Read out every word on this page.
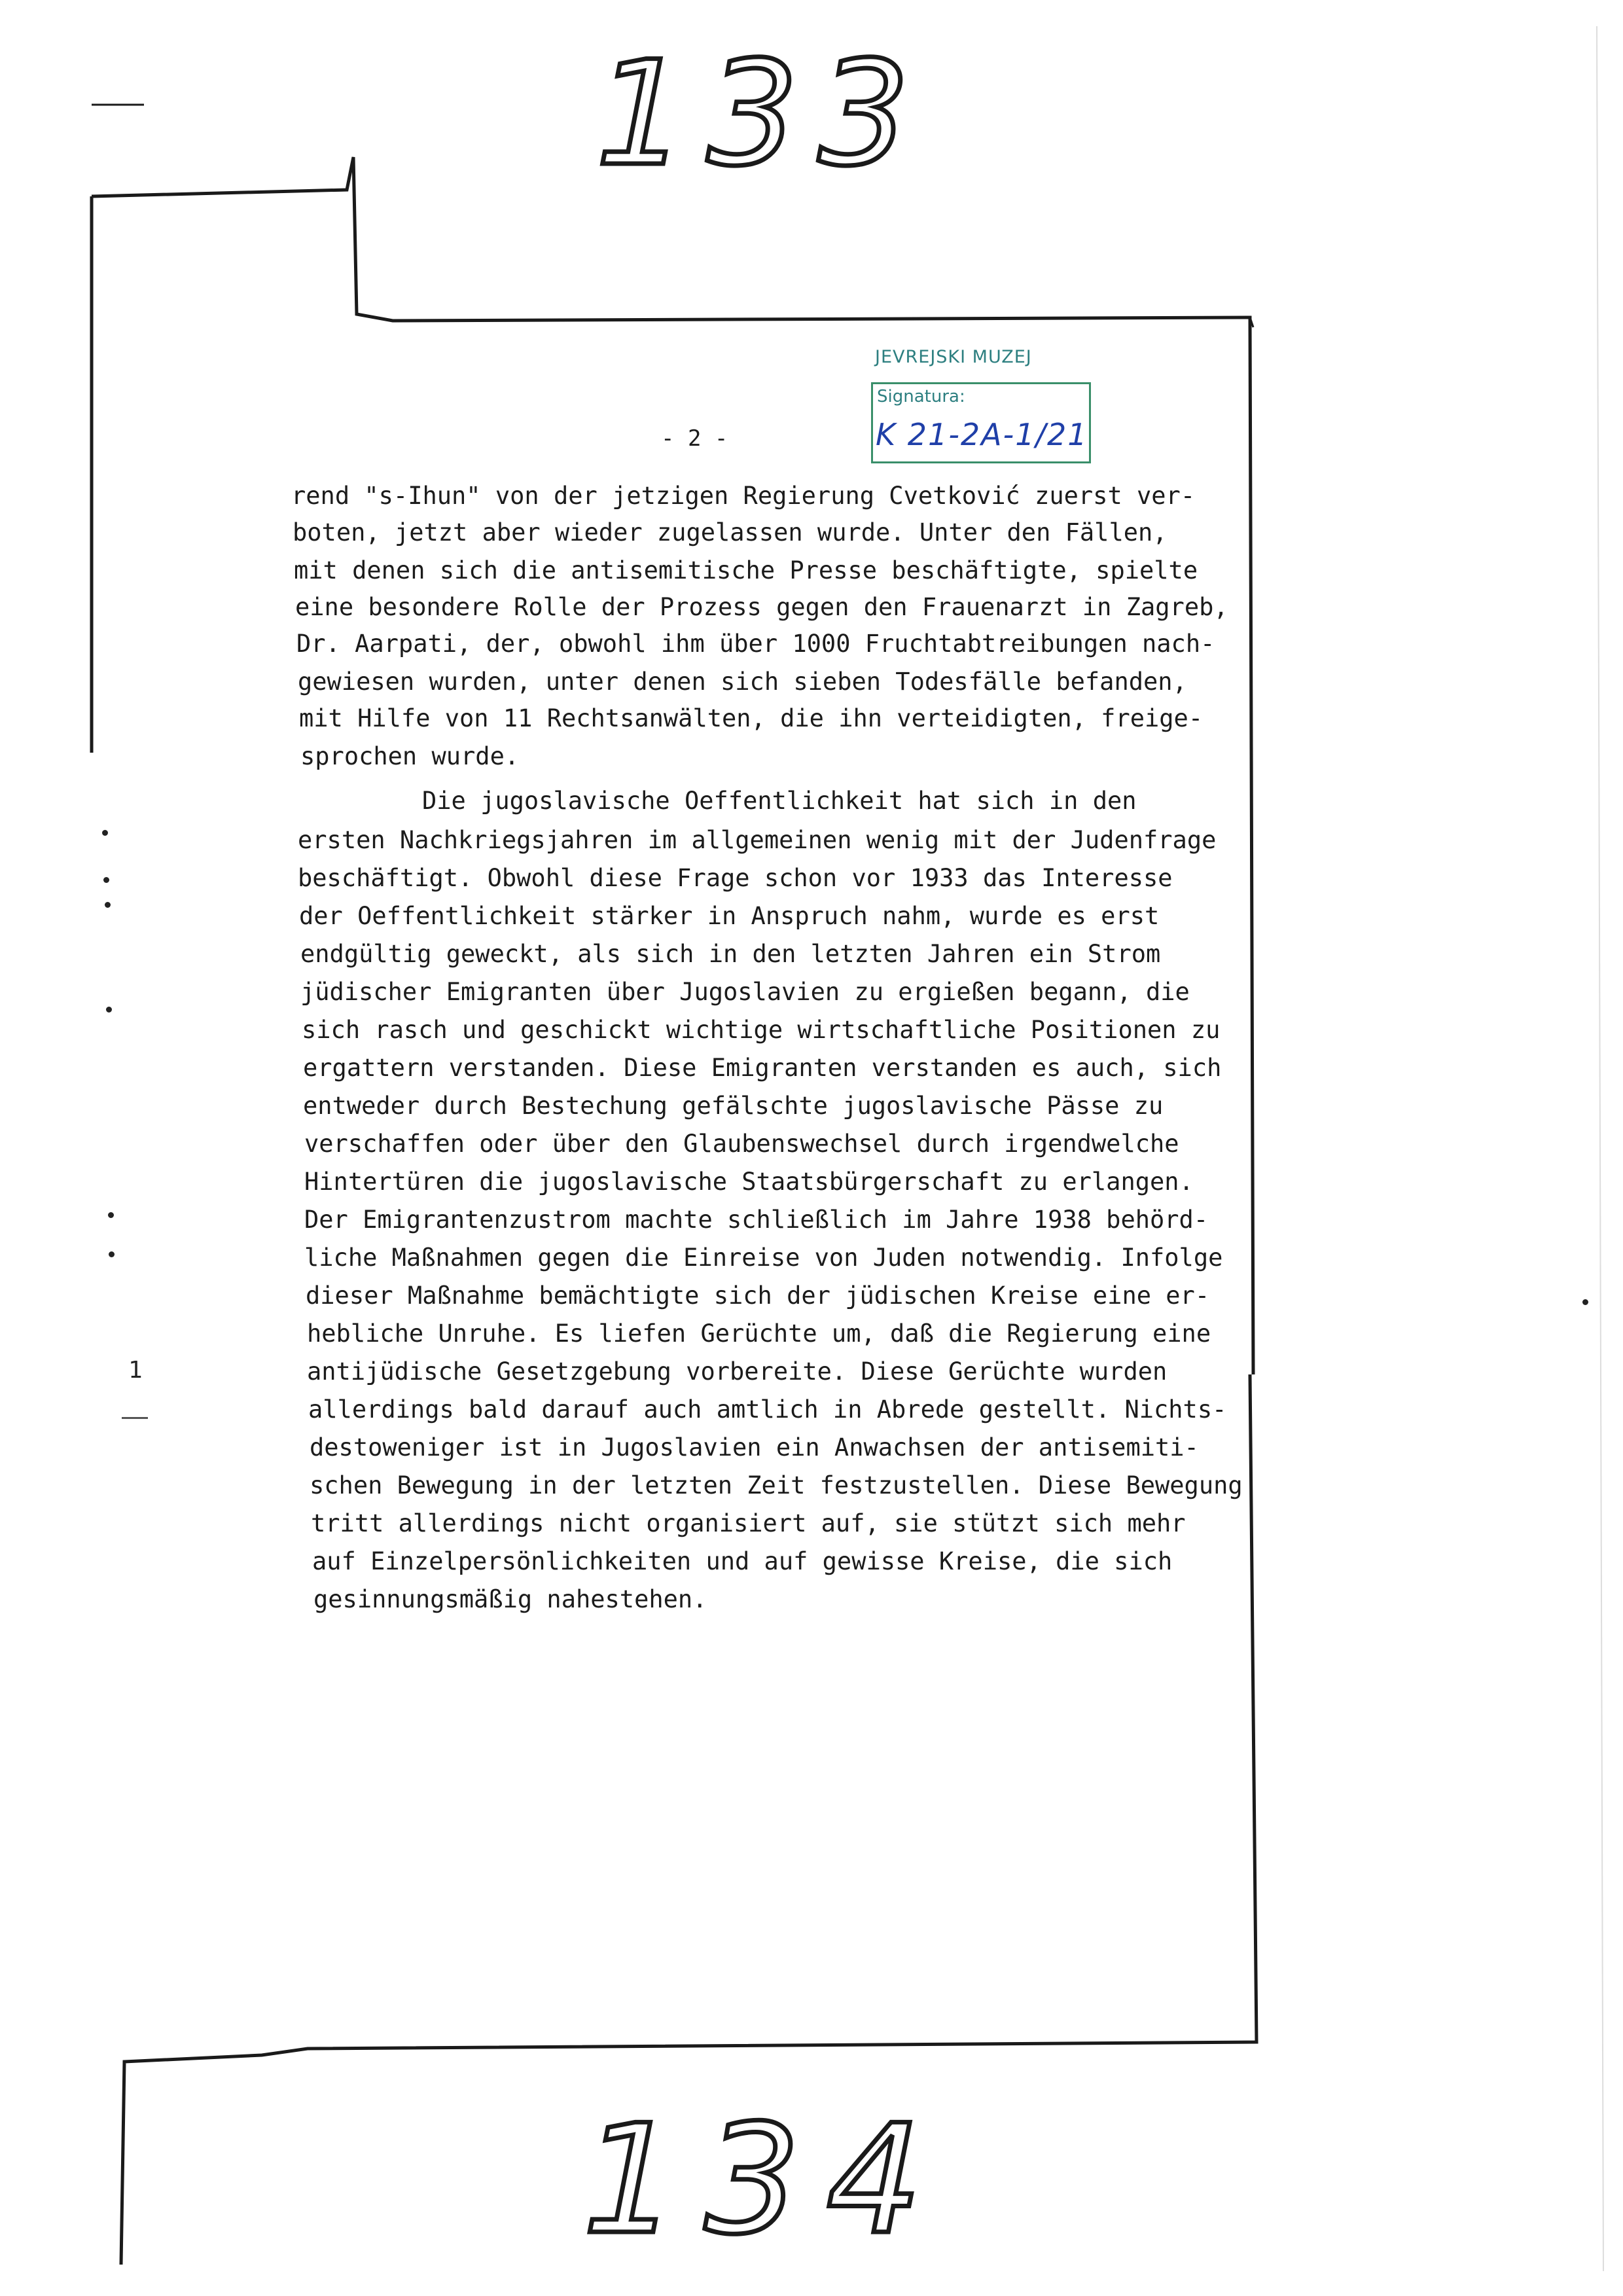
133
JEVREJSKI MUZEJ
Signatura:
K 21-2A-1/21
- 2 -
rend "s-Ihun" von der jetzigen Regierung Cvetković zuerst ver-
boten, jetzt aber wieder zugelassen wurde. Unter den Fällen,
mit denen sich die antisemitische Presse beschäftigte, spielte
eine besondere Rolle der Prozess gegen den Frauenarzt in Zagreb,
Dr. Aarpati, der, obwohl ihm über 1000 Fruchtabtreibungen nach-
gewiesen wurden, unter denen sich sieben Todesfälle befanden,
mit Hilfe von 11 Rechtsanwälten, die ihn verteidigten, freige-
sprochen wurde.
Die jugoslavische Oeffentlichkeit hat sich in den
ersten Nachkriegsjahren im allgemeinen wenig mit der Judenfrage
beschäftigt. Obwohl diese Frage schon vor 1933 das Interesse
der Oeffentlichkeit stärker in Anspruch nahm, wurde es erst
endgültig geweckt, als sich in den letzten Jahren ein Strom
jüdischer Emigranten über Jugoslavien zu ergießen begann, die
sich rasch und geschickt wichtige wirtschaftliche Positionen zu
ergattern verstanden. Diese Emigranten verstanden es auch, sich
entweder durch Bestechung gefälschte jugoslavische Pässe zu
verschaffen oder über den Glaubenswechsel durch irgendwelche
Hintertüren die jugoslavische Staatsbürgerschaft zu erlangen.
Der Emigrantenzustrom machte schließlich im Jahre 1938 behörd-
liche Maßnahmen gegen die Einreise von Juden notwendig. Infolge
dieser Maßnahme bemächtigte sich der jüdischen Kreise eine er-
hebliche Unruhe. Es liefen Gerüchte um, daß die Regierung eine
antijüdische Gesetzgebung vorbereite. Diese Gerüchte wurden
allerdings bald darauf auch amtlich in Abrede gestellt. Nichts-
destoweniger ist in Jugoslavien ein Anwachsen der antisemiti-
schen Bewegung in der letzten Zeit festzustellen. Diese Bewegung
tritt allerdings nicht organisiert auf, sie stützt sich mehr
auf Einzelpersönlichkeiten und auf gewisse Kreise, die sich
gesinnungsmäßig nahestehen.
1
134
